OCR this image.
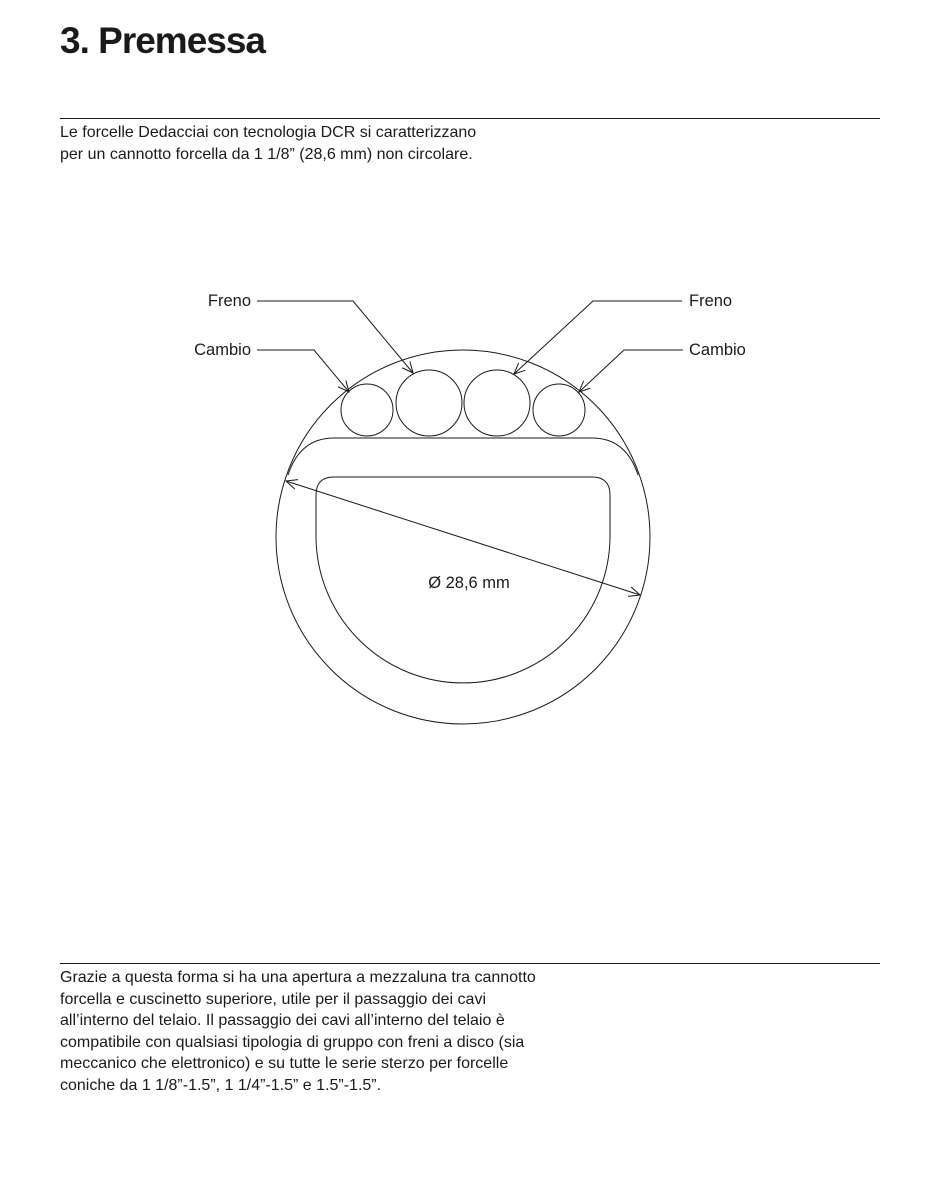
3. Premessa

Le forcelle Dedacciai con tecnologia DCR si caratterizzano
per un cannotto forcella da 1 1/8” (28,6 mm) non circolare.

Freno
Cambio
Freno
Cambio
Ø 28,6 mm

Grazie a questa forma si ha una apertura a mezzaluna tra cannotto
forcella e cuscinetto superiore, utile per il passaggio dei cavi
all’interno del telaio. Il passaggio dei cavi all’interno del telaio è
compatibile con qualsiasi tipologia di gruppo con freni a disco (sia
meccanico che elettronico) e su tutte le serie sterzo per forcelle
coniche da 1 1/8”-1.5”, 1 1/4”-1.5” e 1.5”-1.5”.
